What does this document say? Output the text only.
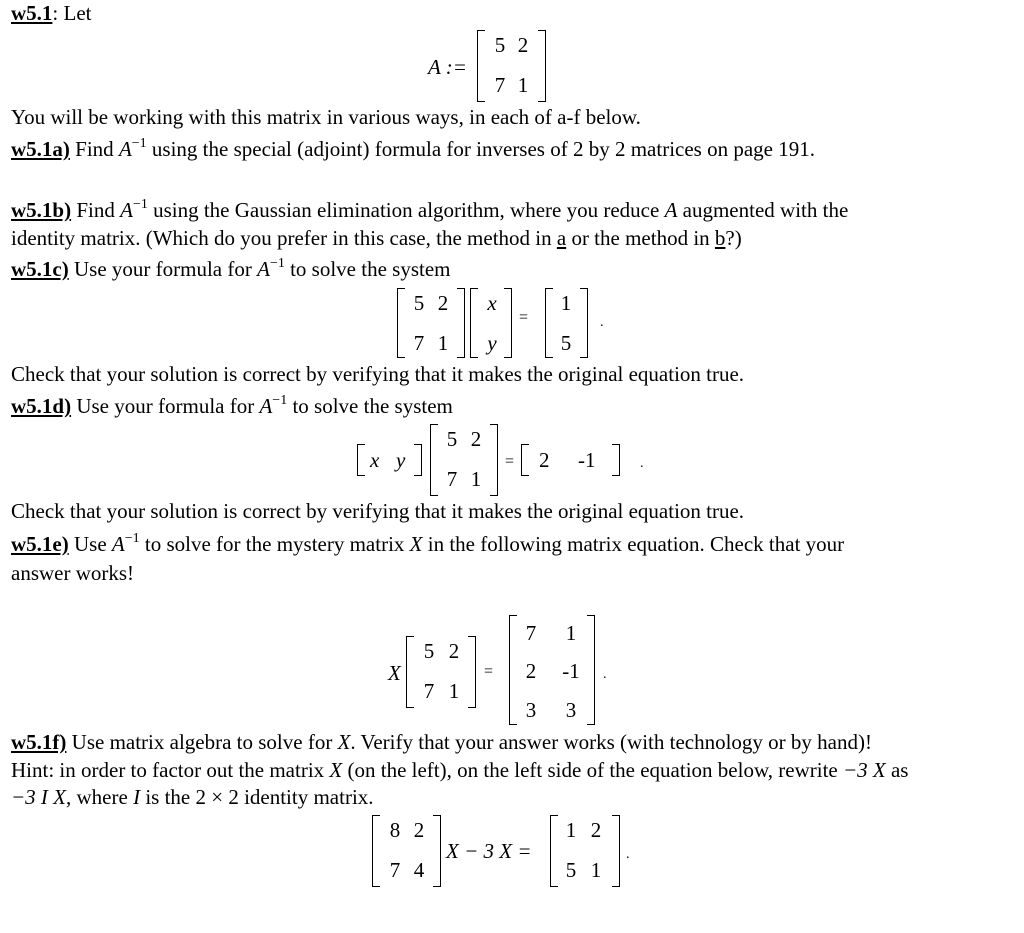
w5.1: Let
A :=
5 2
7 1
You will be working with this matrix in various ways, in each of a-f below.
w5.1a) Find $A^{-1}$ using the special (adjoint) formula for inverses of 2 by 2 matrices on page 191.
w5.1b) Find $A^{-1}$ using the Gaussian elimination algorithm, where you reduce A augmented with the
identity matrix. (Which do you prefer in this case, the method in a or the method in b?)
w5.1c) Use your formula for $A^{-1}$ to solve the system
5 2
7 1
x
y
=
1
5
.
Check that your solution is correct by verifying that it makes the original equation true.
w5.1d) Use your formula for $A^{-1}$ to solve the system
x y
5 2
7 1
= 2 -1	.
Check that your solution is correct by verifying that it makes the original equation true.
w5.1e) Use $A^{-1}$ to solve for the mystery matrix X in the following matrix equation. Check that your
answer works!
X
5 2
7 1
=
7 1
2 -1
3 3
.
w5.1f) Use matrix algebra to solve for X. Verify that your answer works (with technology or by hand)!
Hint: in order to factor out the matrix X (on the left), on the left side of the equation below, rewrite −3 X as
−3 I X, where I is the 2 × 2 identity matrix.
8 2
7 4
X − 3 X =
1 2
5 1
.
